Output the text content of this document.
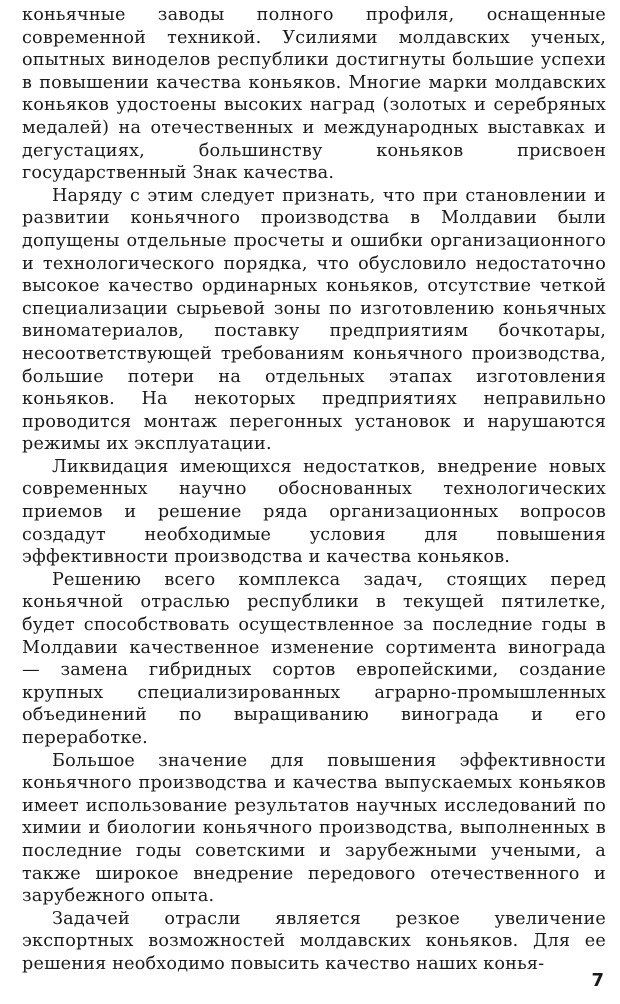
коньячные заводы полного профиля, оснащенные современной техникой. Усилиями молдавских ученых, опытных виноделов республики достигнуты большие успехи в повышении качества коньяков. Многие марки молдавских коньяков удостоены высоких наград (золотых и серебряных медалей) на отечественных и международных выставках и дегустациях, большинству коньяков присвоен государственный Знак качества.

Наряду с этим следует признать, что при становлении и развитии коньячного производства в Молдавии были допущены отдельные просчеты и ошибки организационного и технологического порядка, что обусловило недостаточно высокое качество ординарных коньяков, отсутствие четкой специализации сырьевой зоны по изготовлению коньячных виноматериалов, поставку предприятиям бочкотары, несоответствующей требованиям коньячного производства, большие потери на отдельных этапах изготовления коньяков. На некоторых предприятиях неправильно проводится монтаж перегонных установок и нарушаются режимы их эксплуатации.

Ликвидация имеющихся недостатков, внедрение новых современных научно обоснованных технологических приемов и решение ряда организационных вопросов создадут необходимые условия для повышения эффективности производства и качества коньяков.

Решению всего комплекса задач, стоящих перед коньячной отраслью республики в текущей пятилетке, будет способствовать осуществленное за последние годы в Молдавии качественное изменение сортимента винограда — замена гибридных сортов европейскими, создание крупных специализированных аграрно-промышленных объединений по выращиванию винограда и его переработке.

Большое значение для повышения эффективности коньячного производства и качества выпускаемых коньяков имеет использование результатов научных исследований по химии и биологии коньячного производства, выполненных в последние годы советскими и зарубежными учеными, а также широкое внедрение передового отечественного и зарубежного опыта.

Задачей отрасли является резкое увеличение экспортных возможностей молдавских коньяков. Для ее решения необходимо повысить качество наших конья-

7
